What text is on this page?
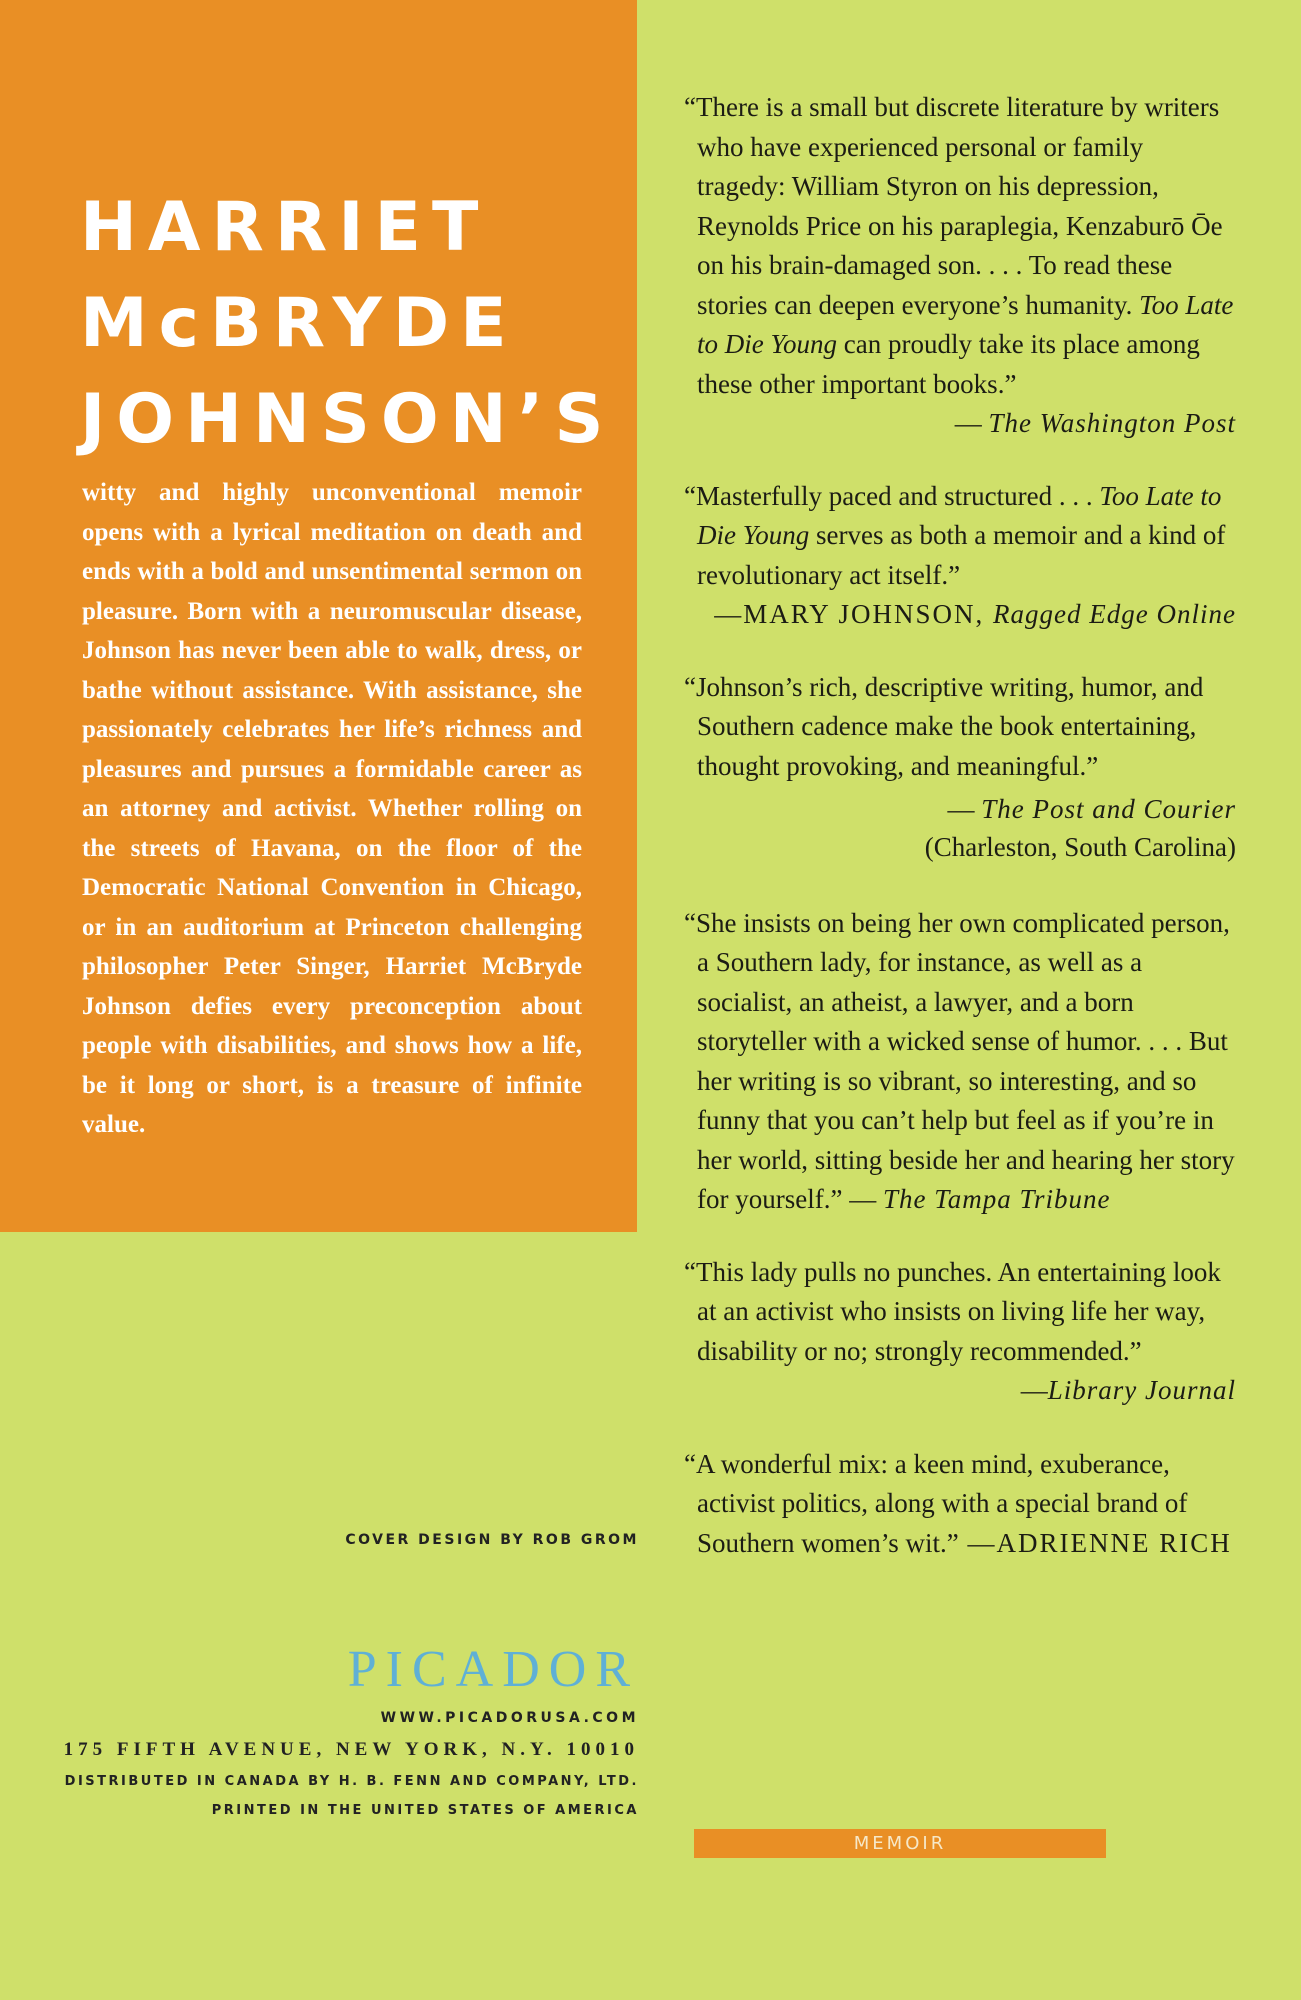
HARRIET
McBRYDE
JOHNSON’S

witty and highly unconventional memoir opens with a lyrical meditation on death and ends with a bold and unsentimental sermon on pleasure. Born with a neuromuscular disease, Johnson has never been able to walk, dress, or bathe without assistance. With assistance, she passionately celebrates her life’s richness and pleasures and pursues a formidable career as an attorney and activist. Whether rolling on the streets of Havana, on the floor of the Democratic National Convention in Chicago, or in an auditorium at Princeton challenging philosopher Peter Singer, Harriet McBryde Johnson defies every preconception about people with disabilities, and shows how a life, be it long or short, is a treasure of infinite value.

“There is a small but discrete literature by writers who have experienced personal or family tragedy: William Styron on his depression, Reynolds Price on his paraplegia, Kenzaburō Ōe on his brain-damaged son. . . . To read these stories can deepen everyone’s humanity. Too Late to Die Young can proudly take its place among these other important books.”

— The Washington Post

“Masterfully paced and structured . . . Too Late to Die Young serves as both a memoir and a kind of revolutionary act itself.”

—MARY JOHNSON, Ragged Edge Online

“Johnson’s rich, descriptive writing, humor, and Southern cadence make the book entertaining, thought provoking, and meaningful.”

— The Post and Courier

(Charleston, South Carolina)

“She insists on being her own complicated person, a Southern lady, for instance, as well as a socialist, an atheist, a lawyer, and a born storyteller with a wicked sense of humor. . . . But her writing is so vibrant, so interesting, and so funny that you can’t help but feel as if you’re in her world, sitting beside her and hearing her story for yourself.” — The Tampa Tribune

“This lady pulls no punches. An entertaining look at an activist who insists on living life her way, disability or no; strongly recommended.”

—Library Journal

“A wonderful mix: a keen mind, exuberance, activist politics, along with a special brand of Southern women’s wit.” —ADRIENNE RICH

COVER DESIGN BY ROB GROM

PICADOR

WWW.PICADORUSA.COM

175 FIFTH AVENUE, NEW YORK, N.Y. 10010

DISTRIBUTED IN CANADA BY H. B. FENN AND COMPANY, LTD.

PRINTED IN THE UNITED STATES OF AMERICA

MEMOIR
